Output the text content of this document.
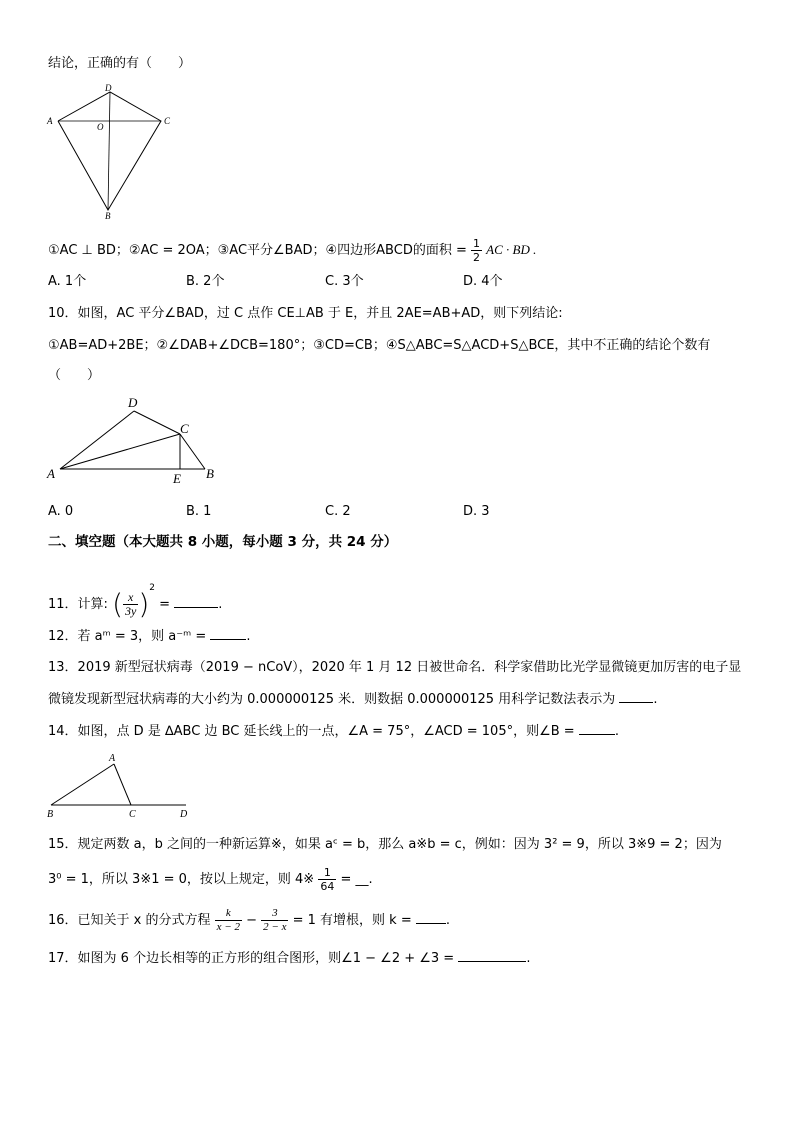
结论，正确的有（　　）
D
A
O
C
B
①AC ⊥ BD；②AC = 2OA；③AC平分∠BAD；④四边形ABCD的面积 = $\frac{1}{2}$ AC · BD .
A. 1个	B. 2个	C. 3个	D. 4个
10．如图，AC 平分∠BAD，过 C 点作 CE⊥AB 于 E，并且 2AE=AB+AD，则下列结论:
①AB=AD+2BE；②∠DAB+∠DCB=180°；③CD=CB；④S△ABC=S△ACD+S△BCE，其中不正确的结论个数有
（　　）
D
C
A	E B
A. 0	B. 1	C. 2	D. 3
二、填空题（本大题共 8 小题，每小题 3 分，共 24 分）
11．计算: ( $\frac{x}{3y} )^2$ =	.
12．若 aᵐ = 3，则 a⁻ᵐ =	.
13．2019 新型冠状病毒（2019 − nCoV），2020 年 1 月 12 日被世命名．科学家借助比光学显微镜更加厉害的电子显
微镜发现新型冠状病毒的大小约为 0.000000125 米．则数据 0.000000125 用科学记数法表示为	.
14．如图，点 D 是 ∆ABC 边 BC 延长线上的一点，∠A = 75°，∠ACD = 105°，则∠B =	.
A
B	C	D
15．规定两数 a，b 之间的一种新运算※，如果 aᶜ = b，那么 a※b = c，例如：因为 3² = 9，所以 3※9 = 2；因为
3⁰ = 1，所以 3※1 = 0，按以上规定，则 4※ $\frac{1}{64}$ = __.
16．已知关于 x 的分式方程 $\frac{k}{x - 2} - \frac{3}{2 - x} = 1$ 有增根，则 k =	.
17．如图为 6 个边长相等的正方形的组合图形，则∠1 − ∠2 + ∠3 =	.
